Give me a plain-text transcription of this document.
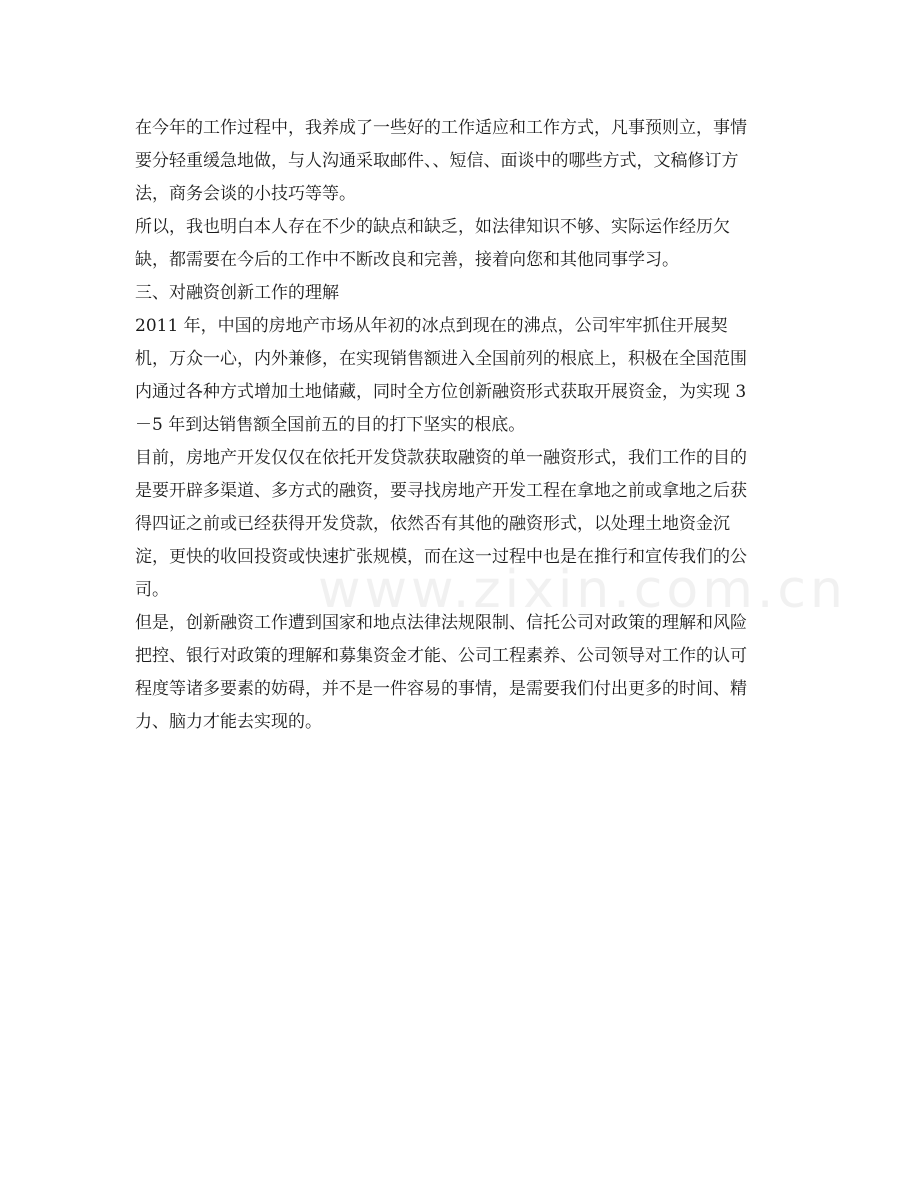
www.zixin.com.cn
在今年的工作过程中，我养成了一些好的工作适应和工作方式，凡事预则立，事情
要分轻重缓急地做，与人沟通采取邮件、、短信、面谈中的哪些方式，文稿修订方
法，商务会谈的小技巧等等。
所以，我也明白本人存在不少的缺点和缺乏，如法律知识不够、实际运作经历欠
缺，都需要在今后的工作中不断改良和完善，接着向您和其他同事学习。
三、对融资创新工作的理解
2011 年，中国的房地产市场从年初的冰点到现在的沸点，公司牢牢抓住开展契
机，万众一心，内外兼修，在实现销售额进入全国前列的根底上，积极在全国范围
内通过各种方式增加土地储藏，同时全方位创新融资形式获取开展资金，为实现 3
－5 年到达销售额全国前五的目的打下坚实的根底。
目前，房地产开发仅仅在依托开发贷款获取融资的单一融资形式，我们工作的目的
是要开辟多渠道、多方式的融资，要寻找房地产开发工程在拿地之前或拿地之后获
得四证之前或已经获得开发贷款，依然否有其他的融资形式，以处理土地资金沉
淀，更快的收回投资或快速扩张规模，而在这一过程中也是在推行和宣传我们的公
司。
但是，创新融资工作遭到国家和地点法律法规限制、信托公司对政策的理解和风险
把控、银行对政策的理解和募集资金才能、公司工程素养、公司领导对工作的认可
程度等诸多要素的妨碍，并不是一件容易的事情，是需要我们付出更多的时间、精
力、脑力才能去实现的。
